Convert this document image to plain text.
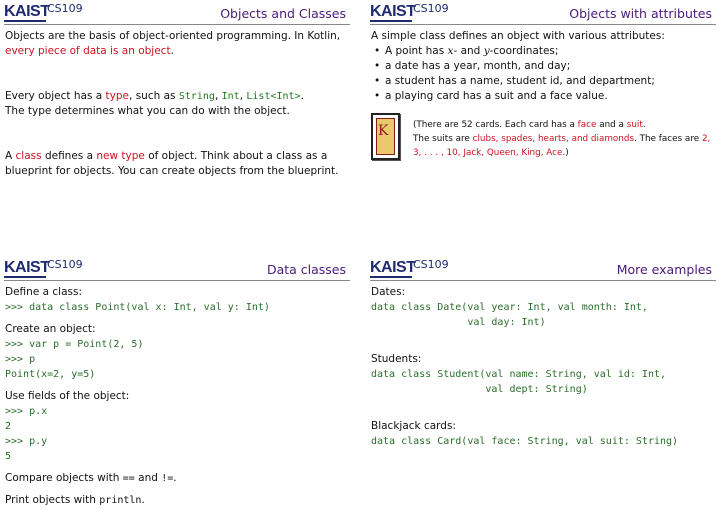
KAIST
CS109	Objects and Classes

Objects are the basis of object-oriented programming. In Kotlin, every piece of data is an object.

Every object has a type, such as String, Int, List<Int>.
The type determines what you can do with the object.

A class defines a new type of object. Think about a class as a blueprint for objects. You can create objects from the blueprint.

KAIST
CS109	Objects with attributes

A simple class defines an object with various attributes:

• A point has x- and y-coordinates;
• a date has a year, month, and day;
• a student has a name, student id, and department;
• a playing card has a suit and a face value.
K	(There are 52 cards. Each card has a face and a suit.
The suits are clubs, spades, hearts, and diamonds. The faces are 2, 3, . . . , 10, Jack, Queen, King, Ace.)
KAIST
CS109	Data classes

Define a class:

>>> data class Point(val x: Int, val y: Int)

Create an object:

>>> var p = Point(2, 5)
>>> p
Point(x=2, y=5)

Use fields of the object:

>>> p.x
2
>>> p.y
5

Compare objects with == and !=.

Print objects with println.

KAIST
CS109	More examples

Dates:

data class Date(val year: Int, val month: Int,
val day: Int)

Students:

data class Student(val name: String, val id: Int,
val dept: String)

Blackjack cards:

data class Card(val face: String, val suit: String)
